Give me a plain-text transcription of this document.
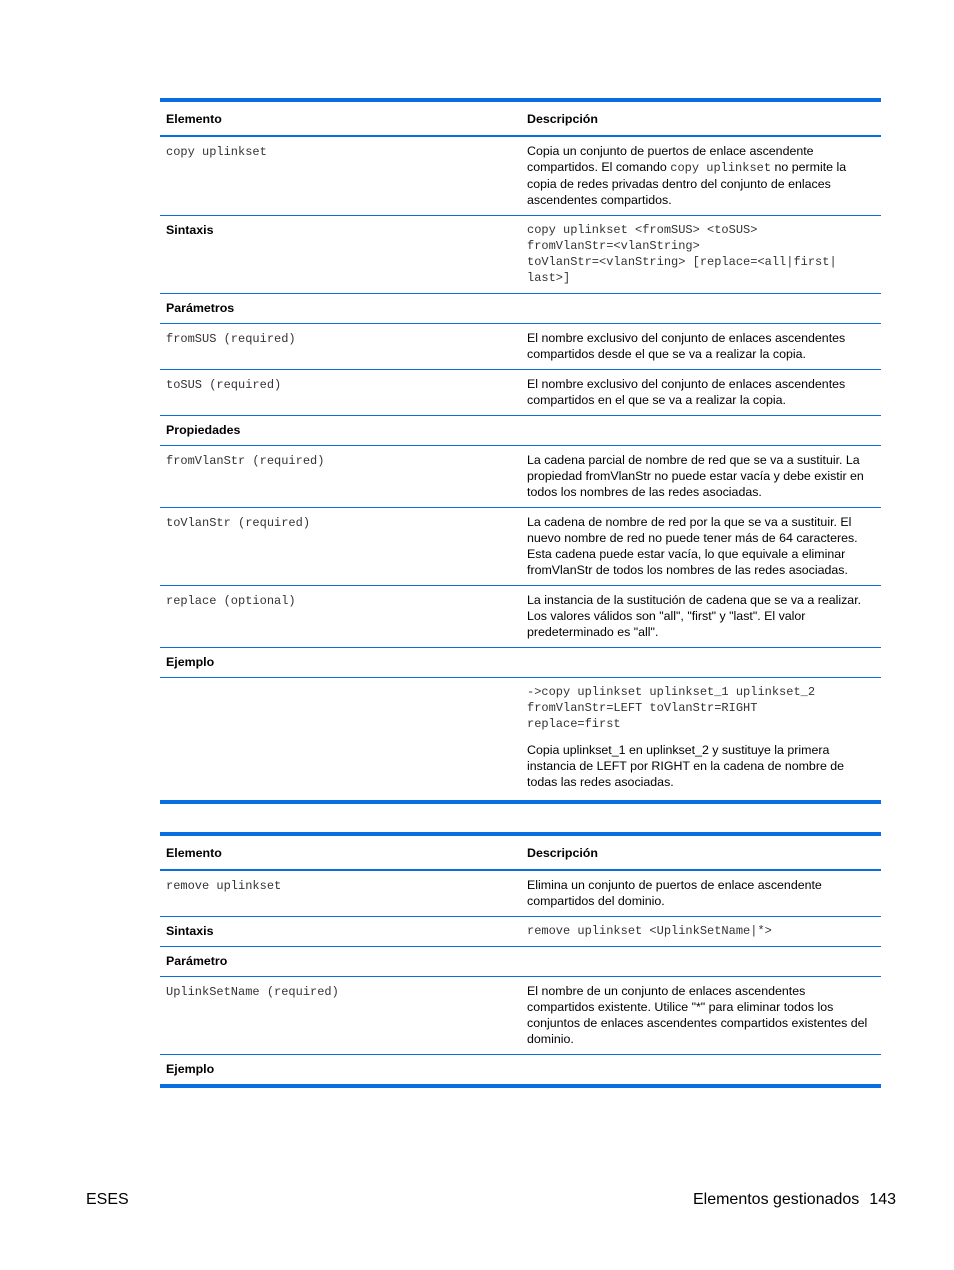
Elemento	Descripción
copy uplinkset	Copia un conjunto de puertos de enlace ascendente compartidos. El comando copy uplinkset no permite la copia de redes privadas dentro del conjunto de enlaces ascendentes compartidos.
Sintaxis	copy uplinkset <fromSUS> <toSUS>
fromVlanStr=<vlanString>
toVlanStr=<vlanString> [replace=<all|first|
last>]

Parámetros	
fromSUS (required)	El nombre exclusivo del conjunto de enlaces ascendentes compartidos desde el que se va a realizar la copia.
toSUS (required)	El nombre exclusivo del conjunto de enlaces ascendentes compartidos en el que se va a realizar la copia.
Propiedades	
fromVlanStr (required)	La cadena parcial de nombre de red que se va a sustituir. La propiedad fromVlanStr no puede estar vacía y debe existir en todos los nombres de las redes asociadas.
toVlanStr (required)	La cadena de nombre de red por la que se va a sustituir. El nuevo nombre de red no puede tener más de 64 caracteres. Esta cadena puede estar vacía, lo que equivale a eliminar fromVlanStr de todos los nombres de las redes asociadas.
replace (optional)	La instancia de la sustitución de cadena que se va a realizar. Los valores válidos son "all", "first" y "last". El valor predeterminado es "all".
Ejemplo	

	->copy uplinkset uplinkset_1 uplinkset_2
fromVlanStr=LEFT toVlanStr=RIGHT
replace=first
Copia uplinkset_1 en uplinkset_2 y sustituye la primera instancia de LEFT por RIGHT en la cadena de nombre de todas las redes asociadas.
Elemento	Descripción
remove uplinkset	Elimina un conjunto de puertos de enlace ascendente compartidos del dominio.
Sintaxis	remove uplinkset <UplinkSetName|*>

Parámetro	
UplinkSetName (required)	El nombre de un conjunto de enlaces ascendentes compartidos existente. Utilice "*" para eliminar todos los conjuntos de enlaces ascendentes compartidos existentes del dominio.
Ejemplo	
ESES	Elementos gestionados 143
